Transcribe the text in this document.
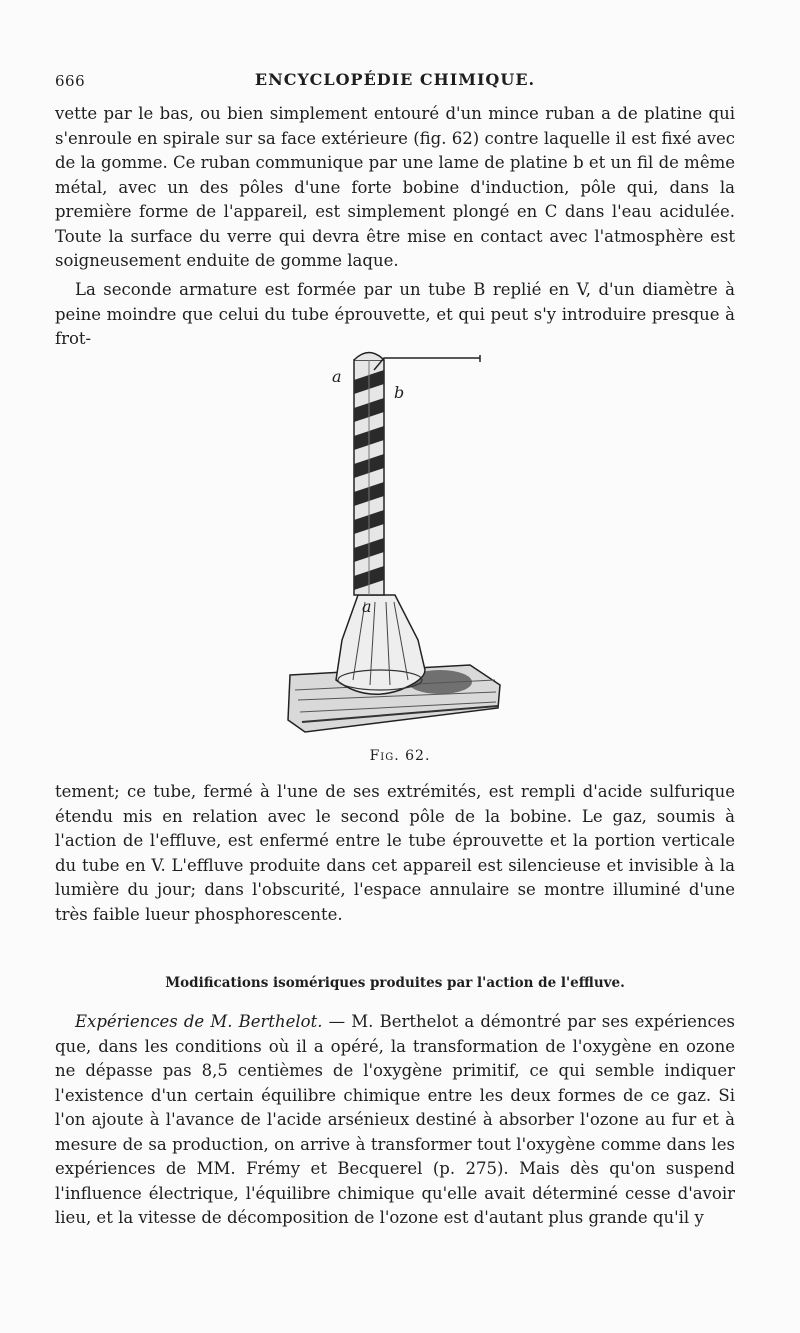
666	ENCYCLOPÉDIE CHIMIQUE.

vette par le bas, ou bien simplement entouré d'un mince ruban a de platine qui s'enroule en spirale sur sa face extérieure (fig. 62) contre laquelle il est fixé avec de la gomme. Ce ruban communique par une lame de platine b et un fil de même métal, avec un des pôles d'une forte bobine d'induction, pôle qui, dans la première forme de l'appareil, est simplement plongé en C dans l'eau acidulée. Toute la surface du verre qui devra être mise en contact avec l'atmosphère est soigneusement enduite de gomme laque.

La seconde armature est formée par un tube B replié en V, d'un diamètre à peine moindre que celui du tube éprouvette, et qui peut s'y introduire presque à frot-

a
b
a
Fig. 62.

tement; ce tube, fermé à l'une de ses extrémités, est rempli d'acide sulfurique étendu mis en relation avec le second pôle de la bobine. Le gaz, soumis à l'action de l'effluve, est enfermé entre le tube éprouvette et la portion verticale du tube en V. L'effluve produite dans cet appareil est silencieuse et invisible à la lumière du jour; dans l'obscurité, l'espace annulaire se montre illuminé d'une très faible lueur phosphorescente.

Modifications isomériques produites par l'action de l'effluve.

Expériences de M. Berthelot. — M. Berthelot a démontré par ses expériences que, dans les conditions où il a opéré, la transformation de l'oxygène en ozone ne dépasse pas 8,5 centièmes de l'oxygène primitif, ce qui semble indiquer l'existence d'un certain équilibre chimique entre les deux formes de ce gaz. Si l'on ajoute à l'avance de l'acide arsénieux destiné à absorber l'ozone au fur et à mesure de sa production, on arrive à transformer tout l'oxygène comme dans les expériences de MM. Frémy et Becquerel (p. 275). Mais dès qu'on suspend l'influence électrique, l'équilibre chimique qu'elle avait déterminé cesse d'avoir lieu, et la vitesse de décomposition de l'ozone est d'autant plus grande qu'il y
